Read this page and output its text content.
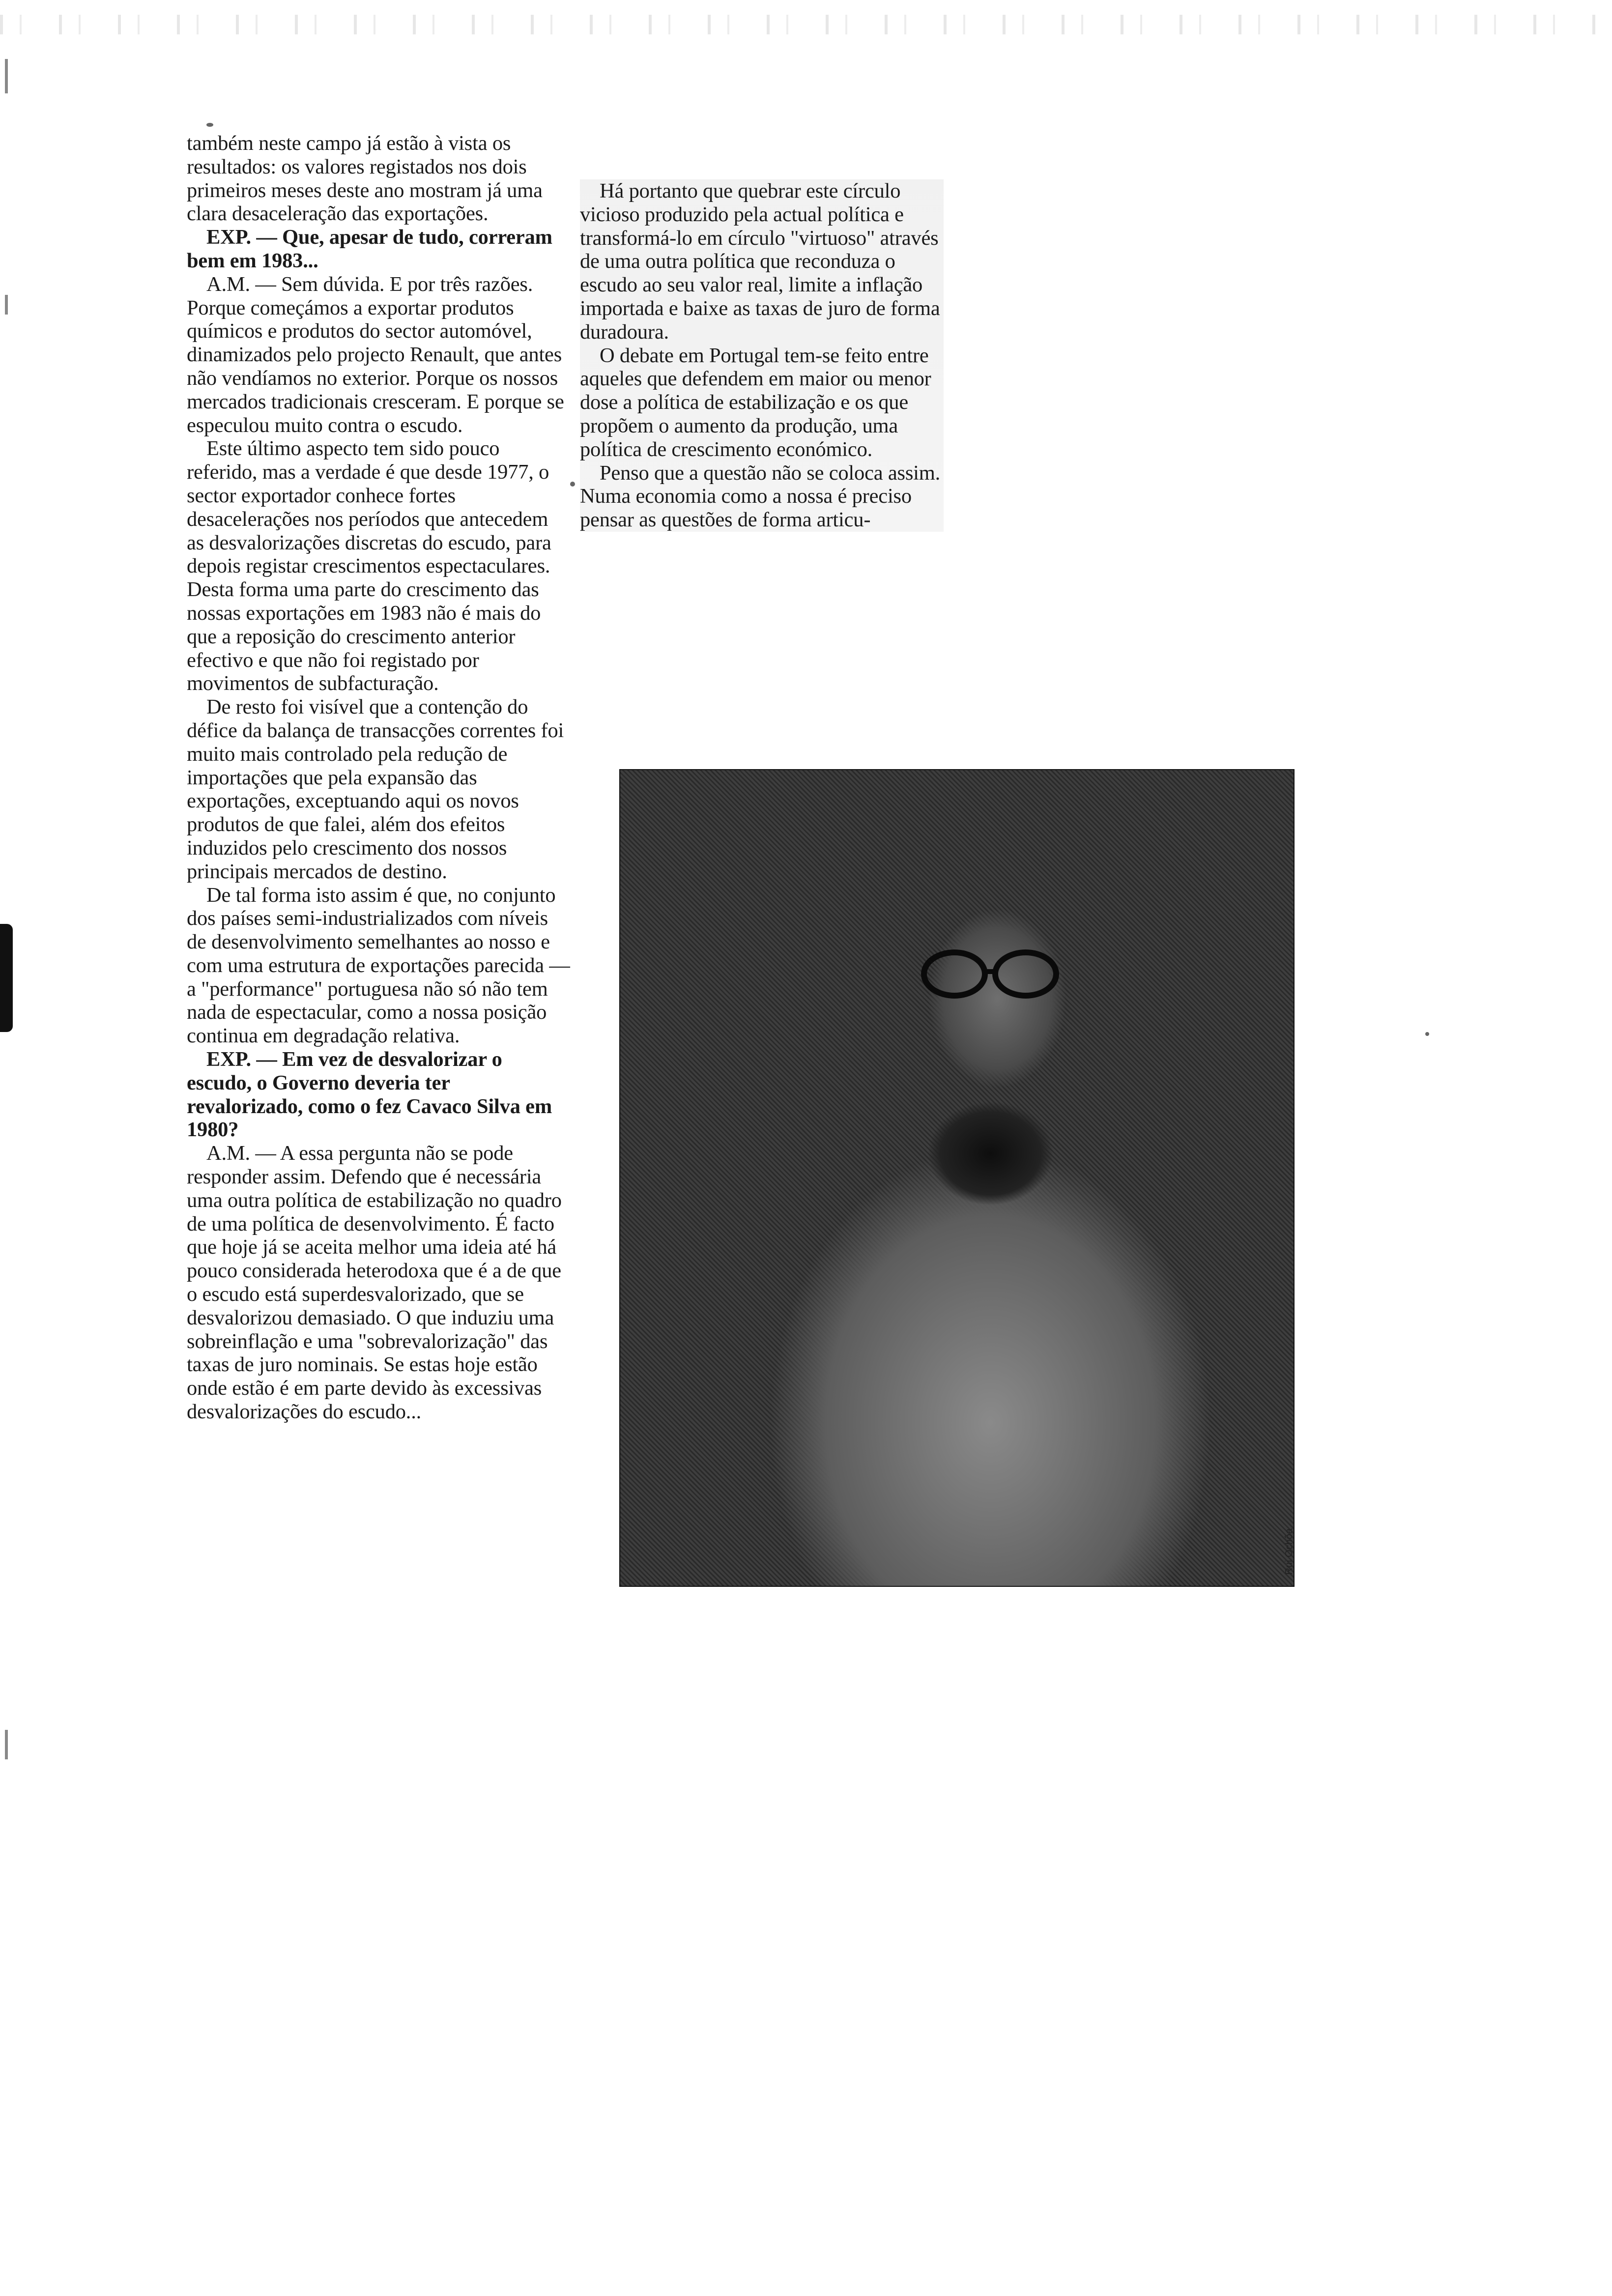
também neste campo já estão à vista os resultados: os valores registados nos dois primeiros meses deste ano mostram já uma clara desaceleração das exportações.

EXP. — Que, apesar de tudo, correram bem em 1983...

A.M. — Sem dúvida. E por três razões. Porque começámos a exportar produtos químicos e produtos do sector automóvel, dinamizados pelo projecto Renault, que antes não vendíamos no exterior. Porque os nossos mercados tradicionais cresceram. E porque se especulou muito contra o escudo.

Este último aspecto tem sido pouco referido, mas a verdade é que desde 1977, o sector exportador conhece fortes desacelerações nos períodos que antecedem as desvalorizações discretas do escudo, para depois registar crescimentos espectaculares. Desta forma uma parte do crescimento das nossas exportações em 1983 não é mais do que a reposição do crescimento anterior efectivo e que não foi registado por movimentos de subfacturação.

De resto foi visível que a contenção do défice da balança de transacções correntes foi muito mais controlado pela redução de importações que pela expansão das exportações, exceptuando aqui os novos produtos de que falei, além dos efeitos induzidos pelo crescimento dos nossos principais mercados de destino.

De tal forma isto assim é que, no conjunto dos países semi-industrializados com níveis de desenvolvimento semelhantes ao nosso e com uma estrutura de exportações parecida — a "performance" portuguesa não só não tem nada de espectacular, como a nossa posição continua em degradação relativa.

EXP. — Em vez de desvalorizar o escudo, o Governo deveria ter revalorizado, como o fez Cavaco Silva em 1980?

A.M. — A essa pergunta não se pode responder assim. Defendo que é necessária uma outra política de estabilização no quadro de uma política de desenvolvimento. É facto que hoje já se aceita melhor uma ideia até há pouco considerada heterodoxa que é a de que o escudo está superdesvalorizado, que se desvalorizou demasiado. O que induziu uma sobreinflação e uma "sobrevalorização" das taxas de juro nominais. Se estas hoje estão onde estão é em parte devido às excessivas desvalorizações do escudo...

Há portanto que quebrar este círculo vicioso produzido pela actual política e transformá-lo em círculo "virtuoso" através de uma outra política que reconduza o escudo ao seu valor real, limite a inflação importada e baixe as taxas de juro de forma duradoura.

O debate em Portugal tem-se feito entre aqueles que defendem em maior ou menor dose a política de estabilização e os que propõem o aumento da produção, uma política de crescimento económico.

Penso que a questão não se coloca assim. Numa economia como a nossa é preciso pensar as questões de forma articu-

Rui Ochôa
